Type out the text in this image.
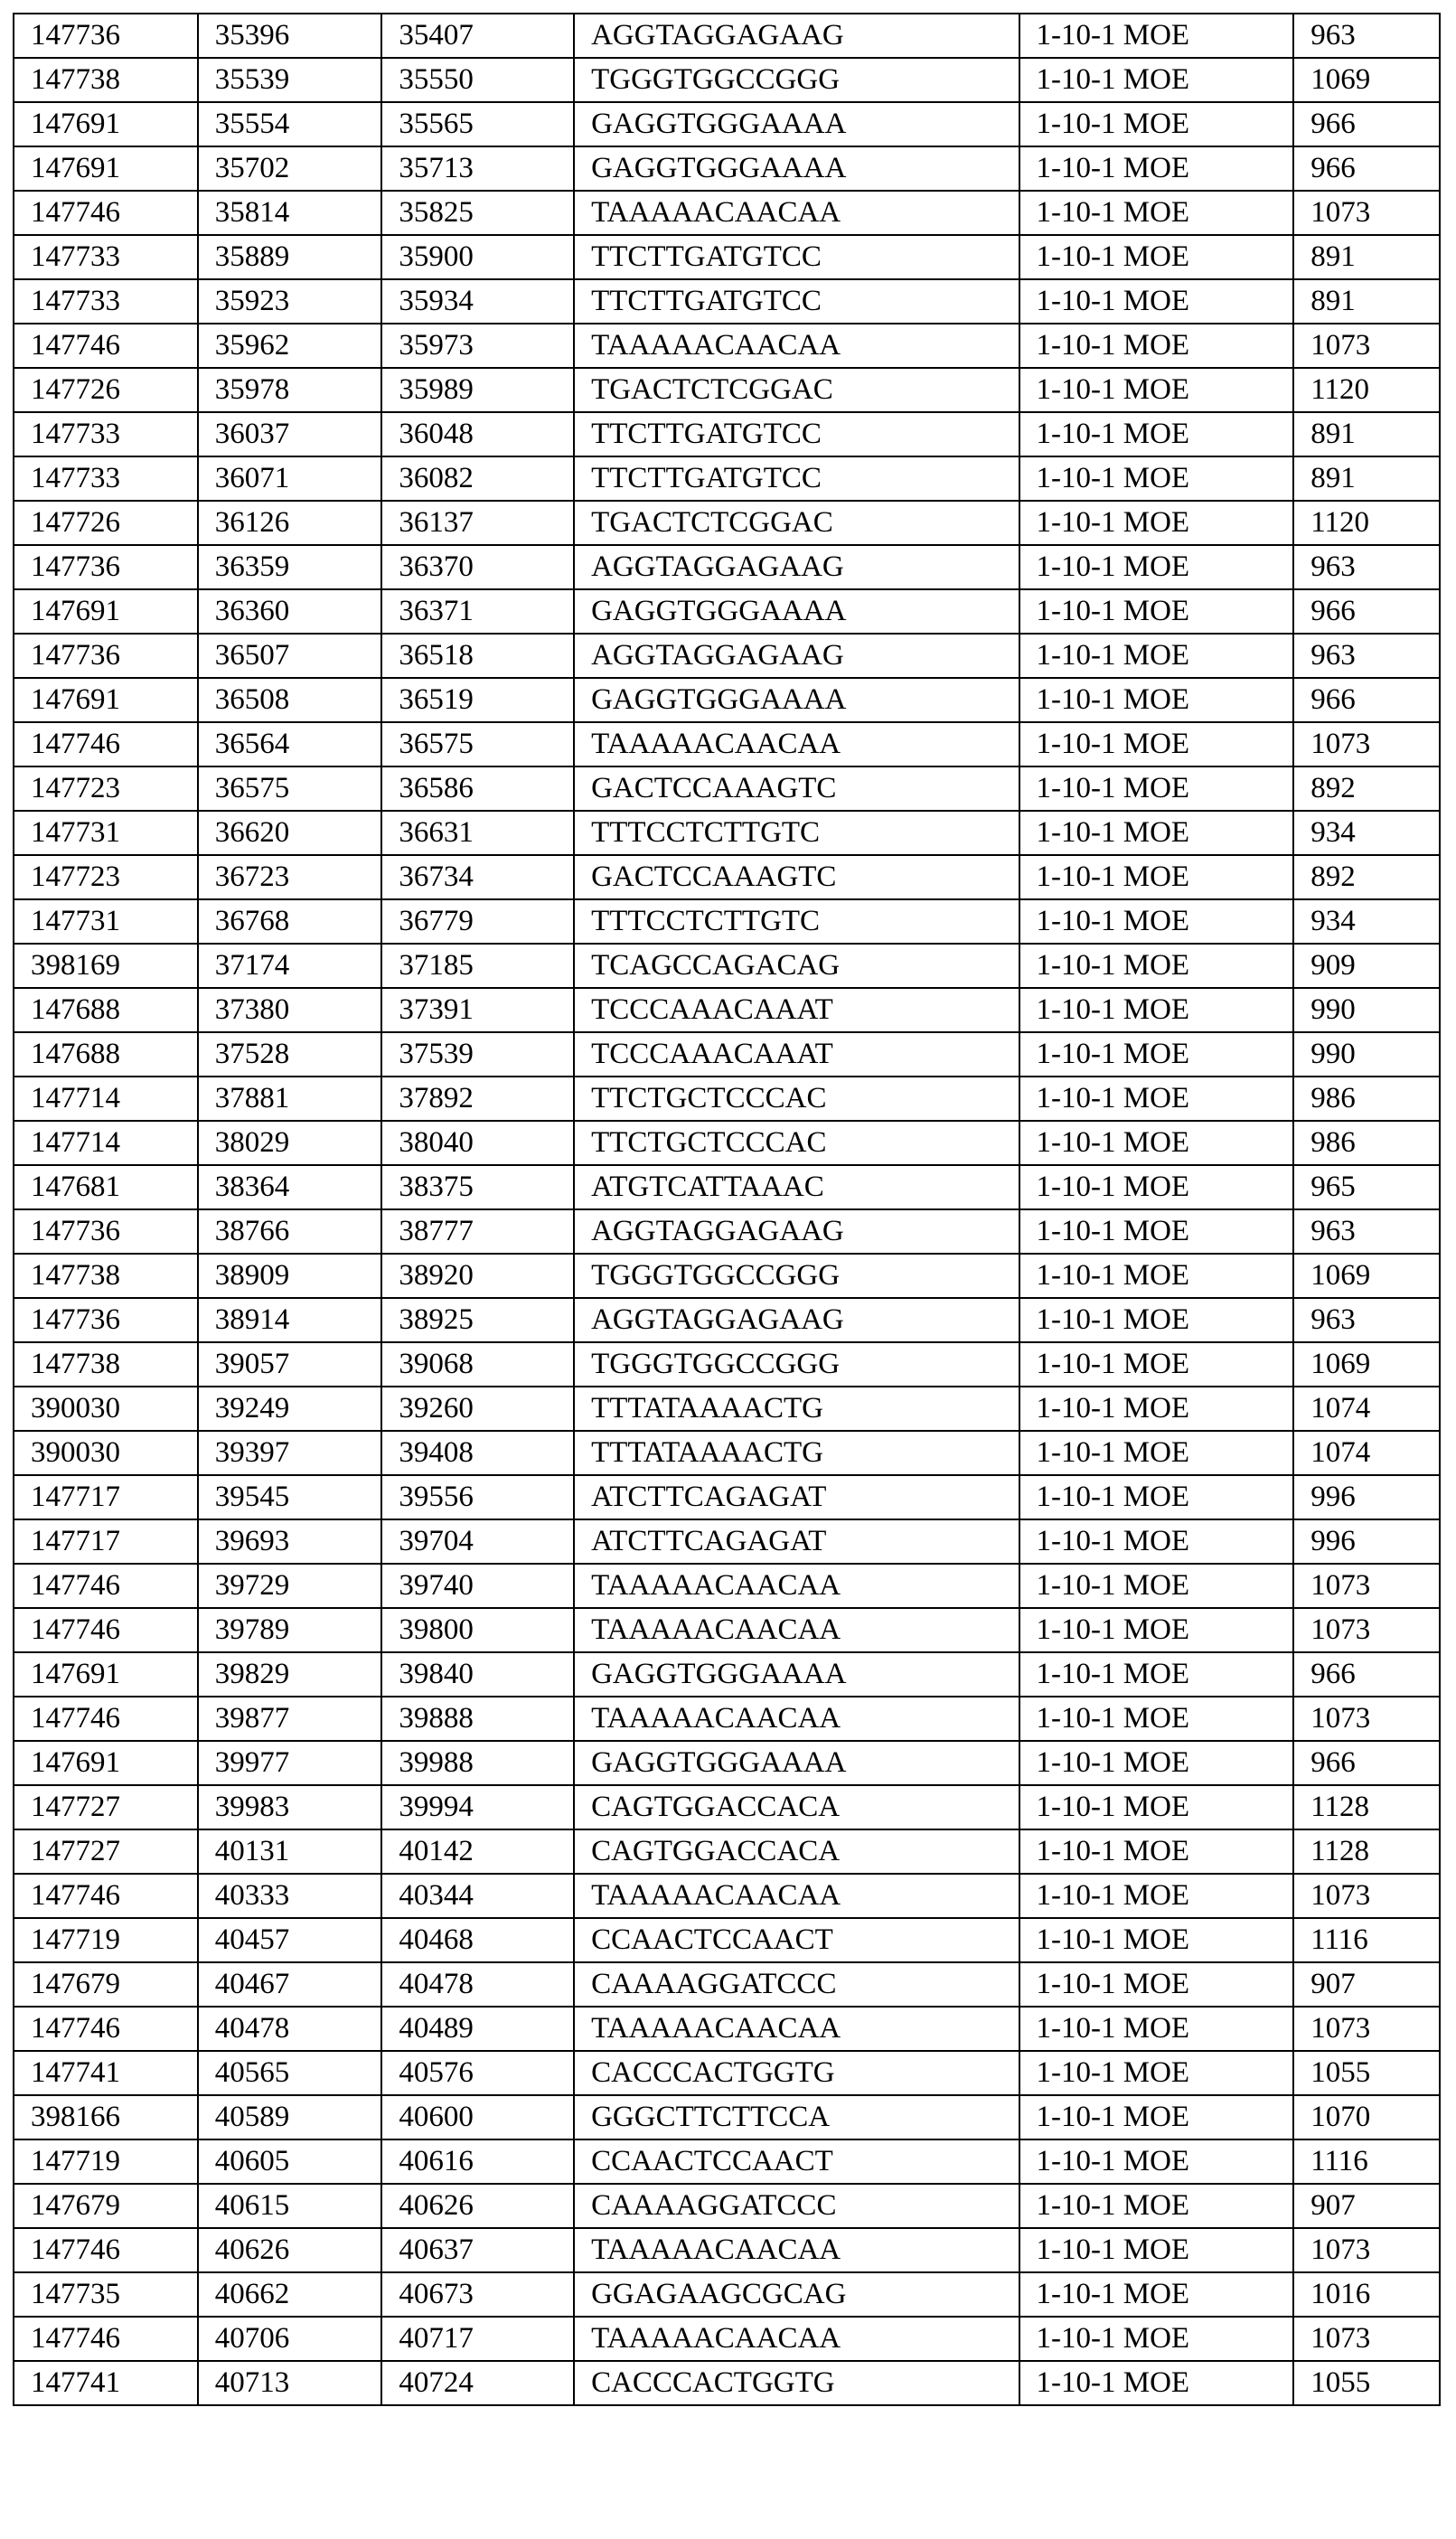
147736	35396	35407	AGGTAGGAGAAG	1-10-1 MOE	963
147738	35539	35550	TGGGTGGCCGGG	1-10-1 MOE	1069
147691	35554	35565	GAGGTGGGAAAA	1-10-1 MOE	966
147691	35702	35713	GAGGTGGGAAAA	1-10-1 MOE	966
147746	35814	35825	TAAAAACAACAA	1-10-1 MOE	1073
147733	35889	35900	TTCTTGATGTCC	1-10-1 MOE	891
147733	35923	35934	TTCTTGATGTCC	1-10-1 MOE	891
147746	35962	35973	TAAAAACAACAA	1-10-1 MOE	1073
147726	35978	35989	TGACTCTCGGAC	1-10-1 MOE	1120
147733	36037	36048	TTCTTGATGTCC	1-10-1 MOE	891
147733	36071	36082	TTCTTGATGTCC	1-10-1 MOE	891
147726	36126	36137	TGACTCTCGGAC	1-10-1 MOE	1120
147736	36359	36370	AGGTAGGAGAAG	1-10-1 MOE	963
147691	36360	36371	GAGGTGGGAAAA	1-10-1 MOE	966
147736	36507	36518	AGGTAGGAGAAG	1-10-1 MOE	963
147691	36508	36519	GAGGTGGGAAAA	1-10-1 MOE	966
147746	36564	36575	TAAAAACAACAA	1-10-1 MOE	1073
147723	36575	36586	GACTCCAAAGTC	1-10-1 MOE	892
147731	36620	36631	TTTCCTCTTGTC	1-10-1 MOE	934
147723	36723	36734	GACTCCAAAGTC	1-10-1 MOE	892
147731	36768	36779	TTTCCTCTTGTC	1-10-1 MOE	934
398169	37174	37185	TCAGCCAGACAG	1-10-1 MOE	909
147688	37380	37391	TCCCAAACAAAT	1-10-1 MOE	990
147688	37528	37539	TCCCAAACAAAT	1-10-1 MOE	990
147714	37881	37892	TTCTGCTCCCAC	1-10-1 MOE	986
147714	38029	38040	TTCTGCTCCCAC	1-10-1 MOE	986
147681	38364	38375	ATGTCATTAAAC	1-10-1 MOE	965
147736	38766	38777	AGGTAGGAGAAG	1-10-1 MOE	963
147738	38909	38920	TGGGTGGCCGGG	1-10-1 MOE	1069
147736	38914	38925	AGGTAGGAGAAG	1-10-1 MOE	963
147738	39057	39068	TGGGTGGCCGGG	1-10-1 MOE	1069
390030	39249	39260	TTTATAAAACTG	1-10-1 MOE	1074
390030	39397	39408	TTTATAAAACTG	1-10-1 MOE	1074
147717	39545	39556	ATCTTCAGAGAT	1-10-1 MOE	996
147717	39693	39704	ATCTTCAGAGAT	1-10-1 MOE	996
147746	39729	39740	TAAAAACAACAA	1-10-1 MOE	1073
147746	39789	39800	TAAAAACAACAA	1-10-1 MOE	1073
147691	39829	39840	GAGGTGGGAAAA	1-10-1 MOE	966
147746	39877	39888	TAAAAACAACAA	1-10-1 MOE	1073
147691	39977	39988	GAGGTGGGAAAA	1-10-1 MOE	966
147727	39983	39994	CAGTGGACCACA	1-10-1 MOE	1128
147727	40131	40142	CAGTGGACCACA	1-10-1 MOE	1128
147746	40333	40344	TAAAAACAACAA	1-10-1 MOE	1073
147719	40457	40468	CCAACTCCAACT	1-10-1 MOE	1116
147679	40467	40478	CAAAAGGATCCC	1-10-1 MOE	907
147746	40478	40489	TAAAAACAACAA	1-10-1 MOE	1073
147741	40565	40576	CACCCACTGGTG	1-10-1 MOE	1055
398166	40589	40600	GGGCTTCTTCCA	1-10-1 MOE	1070
147719	40605	40616	CCAACTCCAACT	1-10-1 MOE	1116
147679	40615	40626	CAAAAGGATCCC	1-10-1 MOE	907
147746	40626	40637	TAAAAACAACAA	1-10-1 MOE	1073
147735	40662	40673	GGAGAAGCGCAG	1-10-1 MOE	1016
147746	40706	40717	TAAAAACAACAA	1-10-1 MOE	1073
147741	40713	40724	CACCCACTGGTG	1-10-1 MOE	1055
